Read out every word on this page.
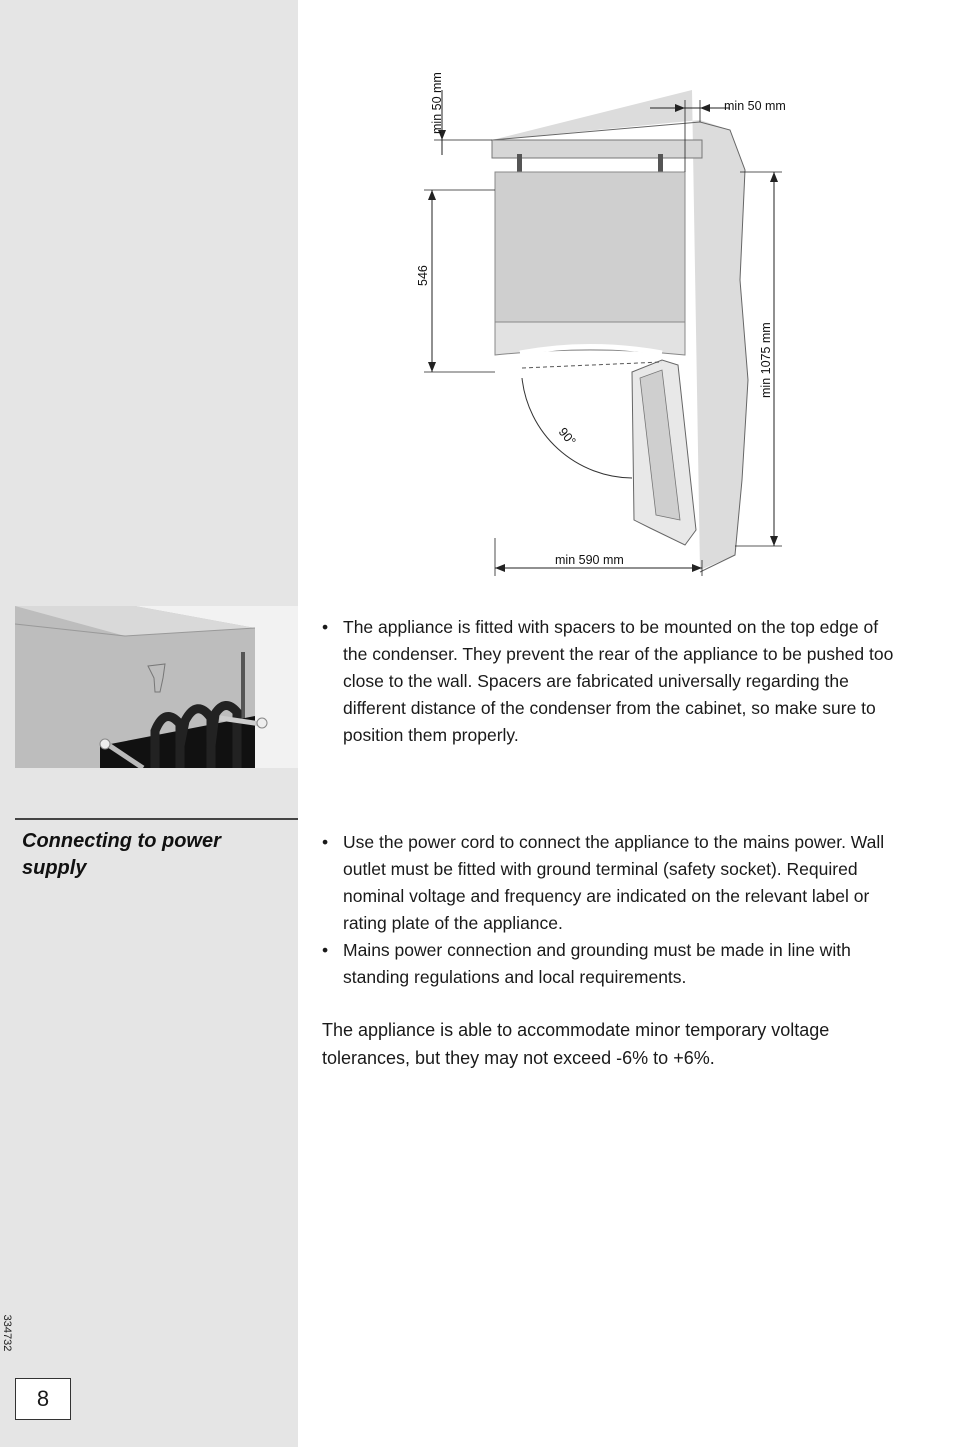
min 50 mm
546
min 50 mm
min 1075 mm
90°
min 590 mm
• The appliance is fitted with spacers to be mounted on the top edge of the condenser. They prevent the rear of the appliance to be pushed too close to the wall. Spacers are fabricated universally regarding the different distance of the condenser from the cabinet, so make sure to position them properly.
Connecting to power supply
• Use the power cord to connect the appliance to the mains power. Wall outlet must be fitted with ground terminal (safety socket). Required nominal voltage and frequency are indicated on the relevant label or rating plate of the appliance.
• Mains power connection and grounding must be made in line with standing regulations and local requirements.

The appliance is able to accommodate minor temporary voltage tolerances, but they may not exceed -6% to +6%.

334732
8
